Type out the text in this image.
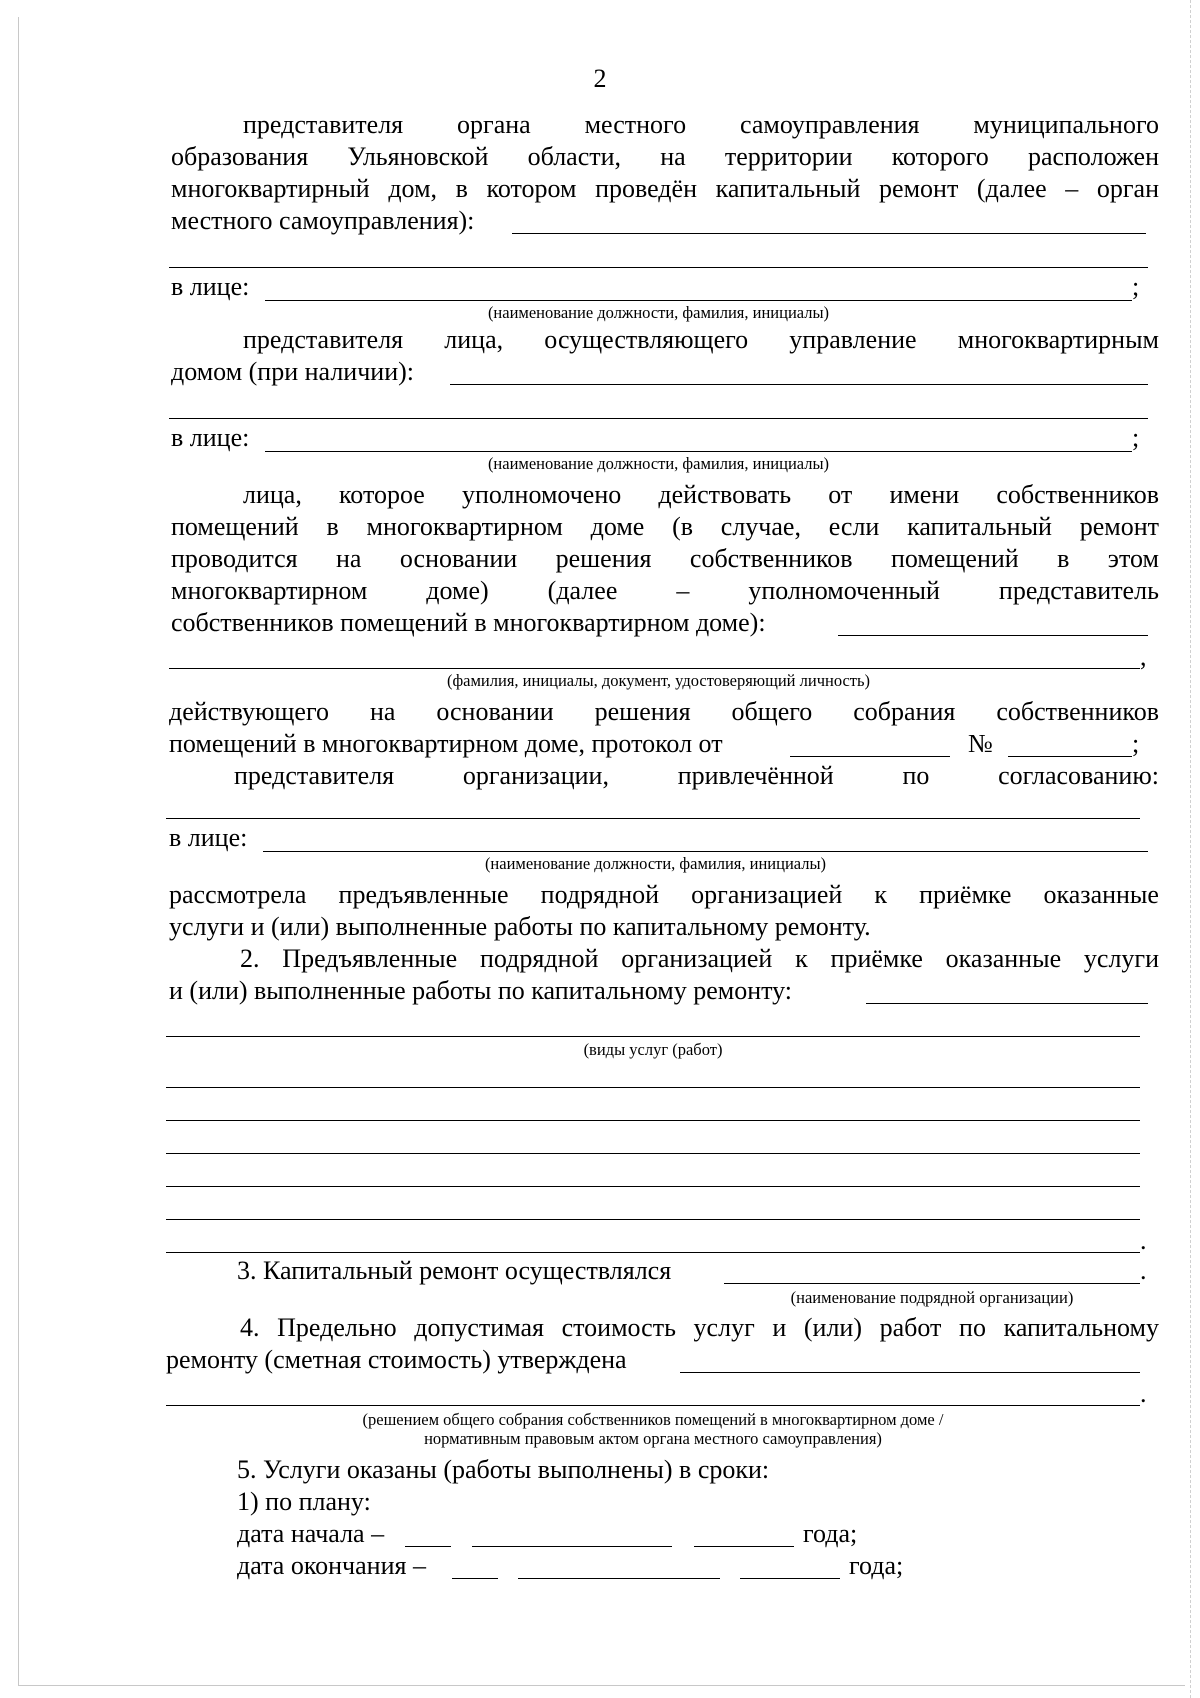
2
представителя органа местного самоуправления муниципального
образования Ульяновской области, на территории которого расположен
многоквартирный дом, в котором проведён капитальный ремонт (далее – орган
местного самоуправления):
в лице:	;
(наименование должности, фамилия, инициалы)
представителя лица, осуществляющего управление многоквартирным
домом (при наличии):
в лице:	;
(наименование должности, фамилия, инициалы)
лица, которое уполномочено действовать от имени собственников
помещений в многоквартирном доме (в случае, если капитальный ремонт
проводится на основании решения собственников помещений в этом
многоквартирном доме) (далее – уполномоченный представитель
собственников помещений в многоквартирном доме):
,
(фамилия, инициалы, документ, удостоверяющий личность)
действующего на основании решения общего собрания собственников
помещений в многоквартирном доме, протокол от	№	;
представителя	организации,	привлечённой	по	согласованию:
в лице:
(наименование должности, фамилия, инициалы)
рассмотрела предъявленные подрядной организацией к приёмке оказанные
услуги и (или) выполненные работы по капитальному ремонту.
2. Предъявленные подрядной организацией к приёмке оказанные услуги
и (или) выполненные работы по капитальному ремонту:
(виды услуг (работ)
.
3. Капитальный ремонт осуществлялся	.
(наименование подрядной организации)
4. Предельно допустимая стоимость услуг и (или) работ по капитальному
ремонту (сметная стоимость) утверждена
.
(решением общего собрания собственников помещений в многоквартирном доме /
нормативным правовым актом органа местного самоуправления)
5. Услуги оказаны (работы выполнены) в сроки:
1) по плану:
дата начала –	года;
дата окончания –	года;
